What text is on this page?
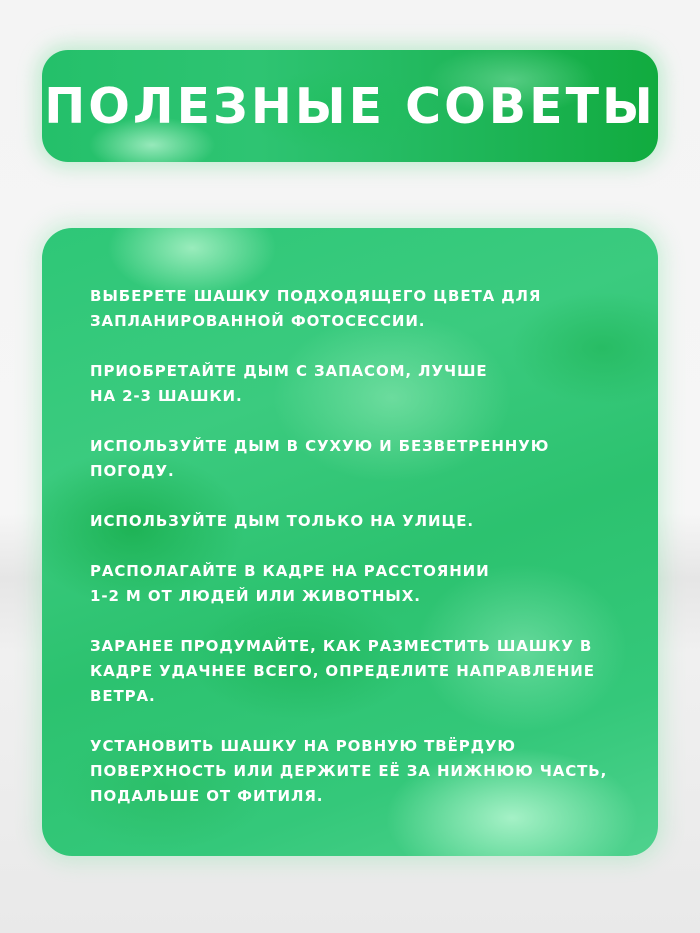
ПОЛЕЗНЫЕ СОВЕТЫ
ВЫБЕРЕТЕ ШАШКУ ПОДХОДЯЩЕГО ЦВЕТА ДЛЯ
ЗАПЛАНИРОВАННОЙ ФОТОСЕССИИ.
ПРИОБРЕТАЙТЕ ДЫМ С ЗАПАСОМ, ЛУЧШЕ
НА 2-3 ШАШКИ.
ИСПОЛЬЗУЙТЕ ДЫМ В СУХУЮ И БЕЗВЕТРЕННУЮ
ПОГОДУ.
ИСПОЛЬЗУЙТЕ ДЫМ ТОЛЬКО НА УЛИЦЕ.
РАСПОЛАГАЙТЕ В КАДРЕ НА РАССТОЯНИИ
1-2 М ОТ ЛЮДЕЙ ИЛИ ЖИВОТНЫХ.
ЗАРАНЕЕ ПРОДУМАЙТЕ, КАК РАЗМЕСТИТЬ ШАШКУ В
КАДРЕ УДАЧНЕЕ ВСЕГО, ОПРЕДЕЛИТЕ НАПРАВЛЕНИЕ
ВЕТРА.
УСТАНОВИТЬ ШАШКУ НА РОВНУЮ ТВЁРДУЮ
ПОВЕРХНОСТЬ ИЛИ ДЕРЖИТЕ ЕЁ ЗА НИЖНЮЮ ЧАСТЬ,
ПОДАЛЬШЕ ОТ ФИТИЛЯ.
